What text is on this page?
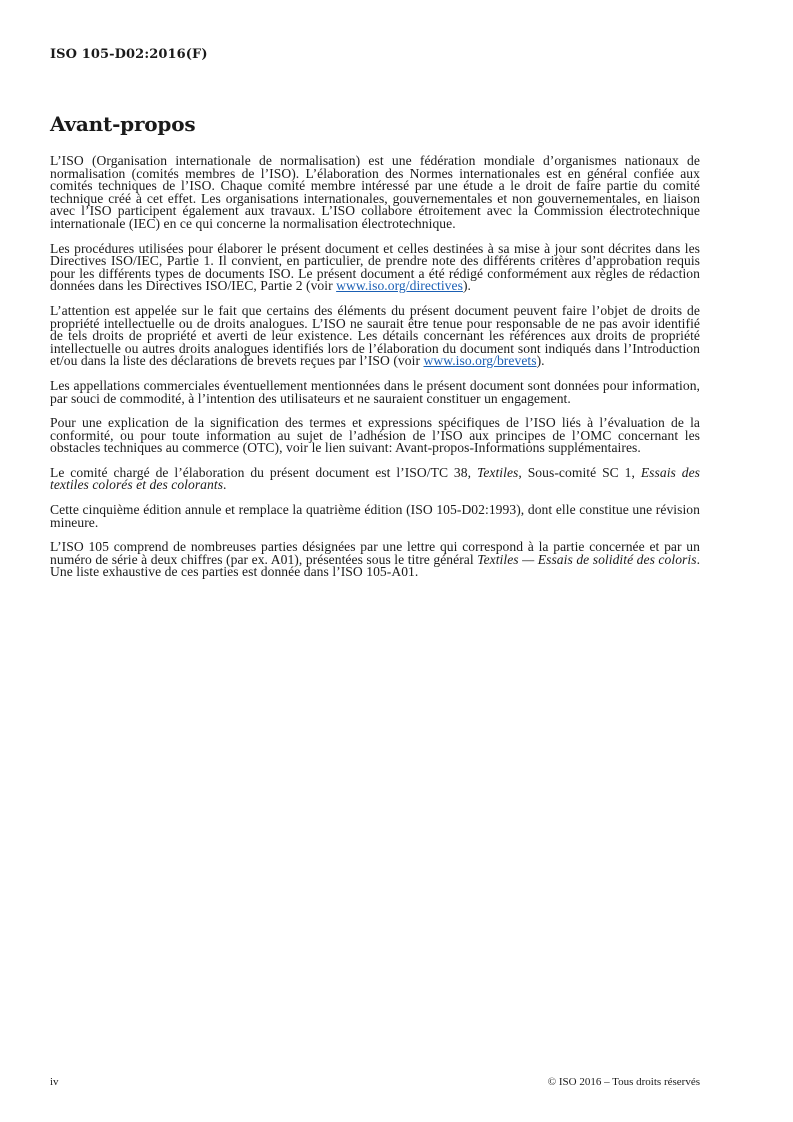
ISO 105-D02:2016(F)
Avant-propos

L’ISO (Organisation internationale de normalisation) est une fédération mondiale d’organismes nationaux de normalisation (comités membres de l’ISO). L’élaboration des Normes internationales est en général confiée aux comités techniques de l’ISO. Chaque comité membre intéressé par une étude a le droit de faire partie du comité technique créé à cet effet. Les organisations internationales, gouvernementales et non gouvernementales, en liaison avec l’ISO participent également aux travaux. L’ISO collabore étroitement avec la Commission électrotechnique internationale (IEC) en ce qui concerne la normalisation électrotechnique.

Les procédures utilisées pour élaborer le présent document et celles destinées à sa mise à jour sont décrites dans les Directives ISO/IEC, Partie 1. Il convient, en particulier, de prendre note des différents critères d’approbation requis pour les différents types de documents ISO. Le présent document a été rédigé conformément aux règles de rédaction données dans les Directives ISO/IEC, Partie 2 (voir www.iso.org/directives).

L’attention est appelée sur le fait que certains des éléments du présent document peuvent faire l’objet de droits de propriété intellectuelle ou de droits analogues. L’ISO ne saurait être tenue pour responsable de ne pas avoir identifié de tels droits de propriété et averti de leur existence. Les détails concernant les références aux droits de propriété intellectuelle ou autres droits analogues identifiés lors de l’élaboration du document sont indiqués dans l’Introduction et/ou dans la liste des déclarations de brevets reçues par l’ISO (voir www.iso.org/brevets).

Les appellations commerciales éventuellement mentionnées dans le présent document sont données pour information, par souci de commodité, à l’intention des utilisateurs et ne sauraient constituer un engagement.

Pour une explication de la signification des termes et expressions spécifiques de l’ISO liés à l’évaluation de la conformité, ou pour toute information au sujet de l’adhésion de l’ISO aux principes de l’OMC concernant les obstacles techniques au commerce (OTC), voir le lien suivant: Avant-propos-Informations supplémentaires.

Le comité chargé de l’élaboration du présent document est l’ISO/TC 38, Textiles, Sous-comité SC 1, Essais des textiles colorés et des colorants.

Cette cinquième édition annule et remplace la quatrième édition (ISO 105-D02:1993), dont elle constitue une révision mineure.

L’ISO 105 comprend de nombreuses parties désignées par une lettre qui correspond à la partie concernée et par un numéro de série à deux chiffres (par ex. A01), présentées sous le titre général Textiles — Essais de solidité des coloris. Une liste exhaustive de ces parties est donnée dans l’ISO 105-A01.

iv	© ISO 2016 – Tous droits réservés
